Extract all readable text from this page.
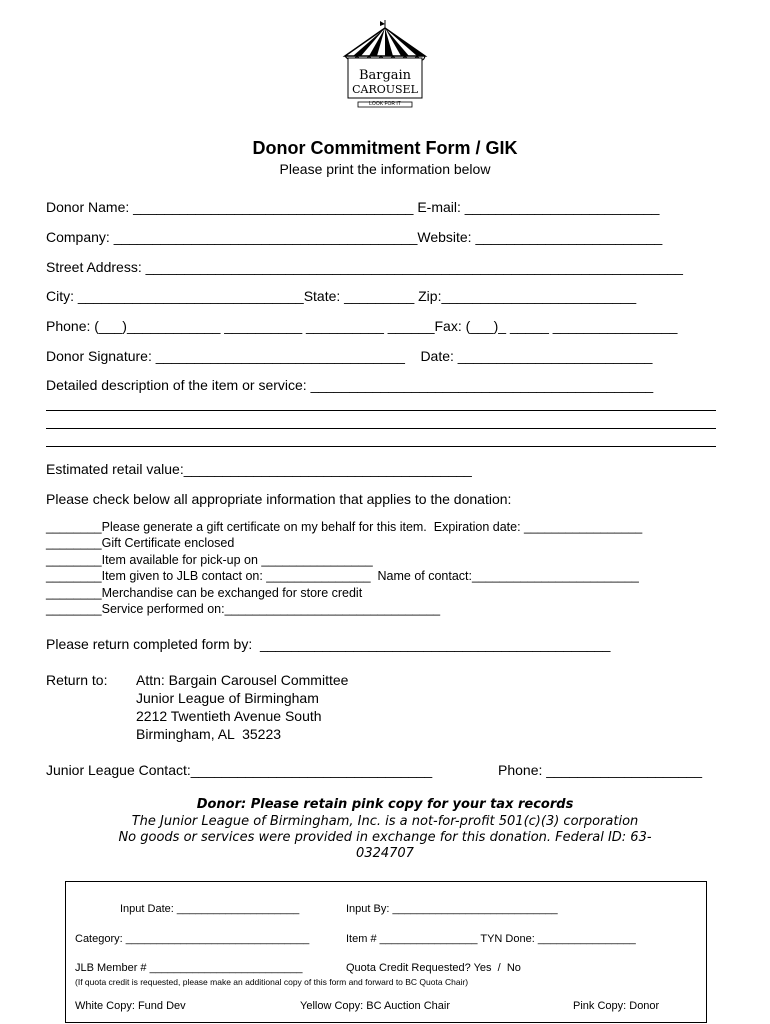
Bargain
CAROUSEL
LOOK FOR IT
Donor Commitment Form / GIK
Please print the information below
Donor Name: ____________________________________ E-mail: _________________________
Company: _______________________________________Website: ________________________
Street Address: _____________________________________________________________________
City: _____________________________State: _________ Zip:_________________________
Phone: (___)____________ __________ __________ ______Fax: (___)_ _____ ________________
Donor Signature: ________________________________    Date: _________________________
Detailed description of the item or service: ____________________________________________
Estimated retail value:_____________________________________
Please check below all appropriate information that applies to the donation:
________Please generate a gift certificate on my behalf for this item.  Expiration date: _________________
________Gift Certificate enclosed
________Item available for pick-up on ________________
________Item given to JLB contact on: _______________  Name of contact:________________________
________Merchandise can be exchanged for store credit
________Service performed on:_______________________________
Please return completed form by:  _____________________________________________
Return to: Attn: Bargain Carousel Committee
Junior League of Birmingham
2212 Twentieth Avenue South
Birmingham, AL  35223
Junior League Contact:_______________________________	Phone: ____________________
Donor: Please retain pink copy for your tax records
The Junior League of Birmingham, Inc. is a not-for-profit 501(c)(3) corporation
No goods or services were provided in exchange for this donation. Federal ID: 63-0324707
Input Date: ____________________	Input By: ___________________________
Category: ______________________________	Item # ________________ TYN Done: ________________
JLB Member # _________________________	Quota Credit Requested? Yes  /  No
(If quota credit is requested, please make an additional copy of this form and forward to BC Quota Chair)
White Copy: Fund Dev	Yellow Copy: BC Auction Chair	Pink Copy: Donor
